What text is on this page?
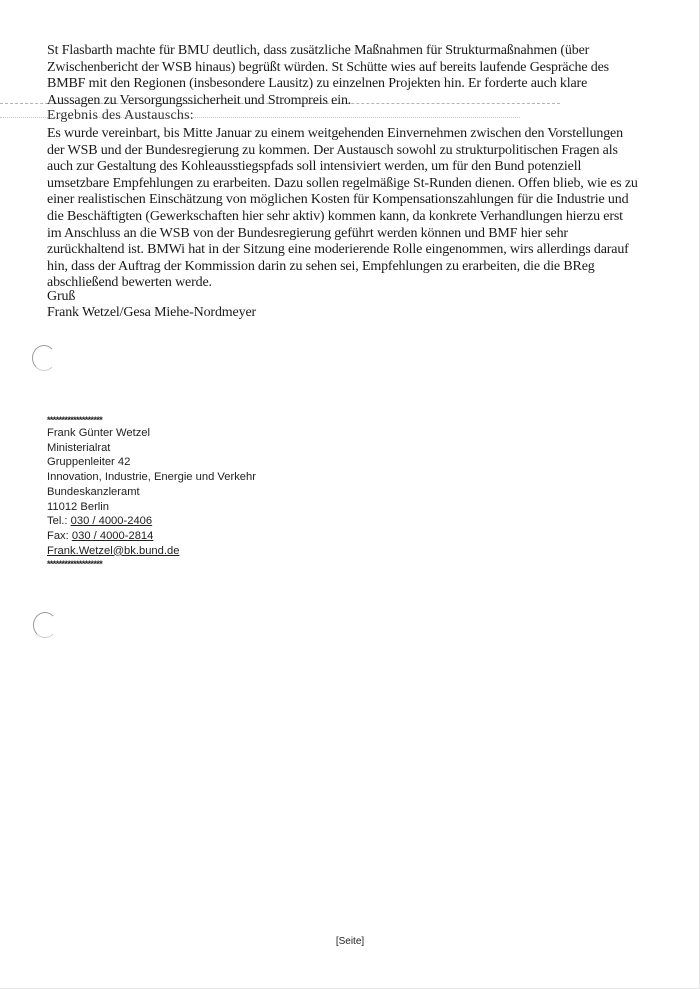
St Flasbarth machte für BMU deutlich, dass zusätzliche Maßnahmen für Strukturmaßnahmen (über
Zwischenbericht der WSB hinaus) begrüßt würden. St Schütte wies auf bereits laufende Gespräche des
BMBF mit den Regionen (insbesondere Lausitz) zu einzelnen Projekten hin. Er forderte auch klare
Aussagen zu Versorgungssicherheit und Strompreis ein.
Ergebnis des Austauschs:
Es wurde vereinbart, bis Mitte Januar zu einem weitgehenden Einvernehmen zwischen den Vorstellungen
der WSB und der Bundesregierung zu kommen. Der Austausch sowohl zu strukturpolitischen Fragen als
auch zur Gestaltung des Kohleausstiegspfads soll intensiviert werden, um für den Bund potenziell
umsetzbare Empfehlungen zu erarbeiten. Dazu sollen regelmäßige St-Runden dienen. Offen blieb, wie es zu
einer realistischen Einschätzung von möglichen Kosten für Kompensationszahlungen für die Industrie und
die Beschäftigten (Gewerkschaften hier sehr aktiv) kommen kann, da konkrete Verhandlungen hierzu erst
im Anschluss an die WSB von der Bundesregierung geführt werden können und BMF hier sehr
zurückhaltend ist. BMWi hat in der Sitzung eine moderierende Rolle eingenommen, wirs allerdings darauf
hin, dass der Auftrag der Kommission darin zu sehen sei, Empfehlungen zu erarbeiten, die die BReg
abschließend bewerten werde.
Gruß
Frank Wetzel/Gesa Miehe-Nordmeyer
*******************
Frank Günter Wetzel
Ministerialrat
Gruppenleiter 42
Innovation, Industrie, Energie und Verkehr
Bundeskanzleramt
11012 Berlin
Tel.: 030 / 4000-2406
Fax: 030 / 4000-2814
Frank.Wetzel@bk.bund.de
*******************
[Seite]
